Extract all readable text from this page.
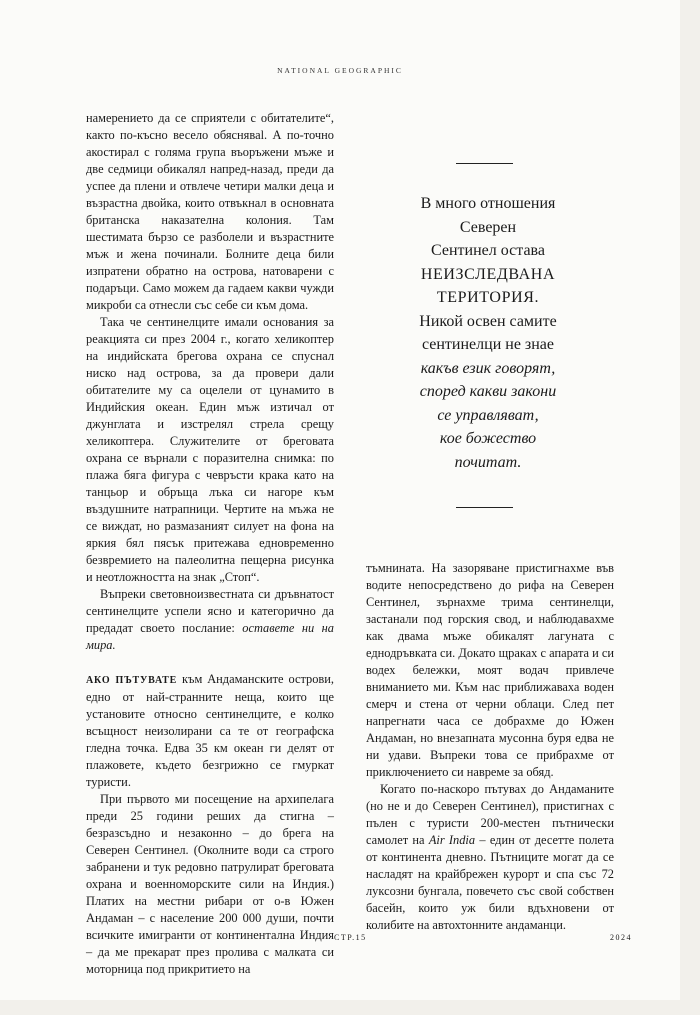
NATIONAL GEOGRAPHIC

намерението да се сприятели с обитателите“, както по-късно весело обясняваl. А по-точно акостирал с голяма група въоръжени мъже и две седмици обикалял напред-назад, преди да успее да плени и отвлече четири малки деца и възрастна двойка, които отвъкнал в основната британска наказателна колония. Там шестимата бързо се разболели и възрастните мъж и жена починали. Болните деца били изпратени обратно на острова, натоварени с подаръци. Само можем да гадаем какви чужди микроби са отнесли със себе си към дома.

Така че сентинелците имали основания за реакцията си през 2004 г., когато хеликоптер на индийската брегова охрана се спуснал ниско над острова, за да провери дали обитателите му са оцелели от цунамито в Индийския океан. Един мъж изтичал от джунглата и изстрелял стрела срещу хеликоптера. Служителите от бреговата охрана се върнали с поразителна снимка: по плажа бяга фигура с чевръсти крака като на танцьор и обръща лъка си нагоре към въздушните натрапници. Чертите на мъжа не се виждат, но размазаният силует на фона на яркия бял пясък притежава едновременно безвремието на палеолитна пещерна рисунка и неотложността на знак „Стоп“.

Въпреки световноизвестната си дръвнатост сентинелците успели ясно и категорично да предадат своето послание: оставете ни на мира.

АКО ПЪТУВАТЕ към Андаманските острови, едно от най-странните неща, които ще установите относно сентинелците, е колко всъщност неизолирани са те от географска гледна точка. Едва 35 км океан ги делят от плажовете, където безгрижно се гмуркат туристи.

При първото ми посещение на архипелага преди 25 години реших да стигна – безразсъдно и незаконно – до брега на Северен Сентинел. (Околните води са строго забранени и тук редовно патрулират бреговата охрана и военноморските сили на Индия.) Платих на местни рибари от о-в Южен Андаман – с население 200 000 души, почти всичките имигранти от континентална Индия – да ме прекарат през пролива с малката си моторница под прикритието на

В много отношения
Северен
Сентинел остава
НЕИЗСЛЕДВАНА
ТЕРИТОРИЯ.
Никой освен самите
сентинелци не знае
какъв език говорят,
според какви закони
се управляват,
кое божество
почитат.

тъмнината. На зазоряване пристигнахме във водите непосредствено до рифа на Северен Сентинел, зърнахме трима сентинелци, застанали под горския свод, и наблюдавахме как двама мъже обикалят лагуната с еднодръвката си. Докато щраках с апарата и си водех бележки, моят водач привлече вниманието ми. Към нас приближаваха воден смерч и стена от черни облаци. След пет напрегнати часа се добрахме до Южен Андаман, но внезапната мусонна буря едва не ни удави. Въпреки това се прибрахме от приключението си навреме за обяд.

Когато по-наскоро пътувах до Андаманите (но не и до Северен Сентинел), пристигнах с пълен с туристи 200-местен пътнически самолет на Air India – един от десетте полета от континента дневно. Пътниците могат да се насладят на крайбрежен курорт и спа със 72 луксозни бунгала, повечето със свой собствен басейн, които уж били вдъхновени от колибите на автохтонните андаманци.

СТР.15	2024
